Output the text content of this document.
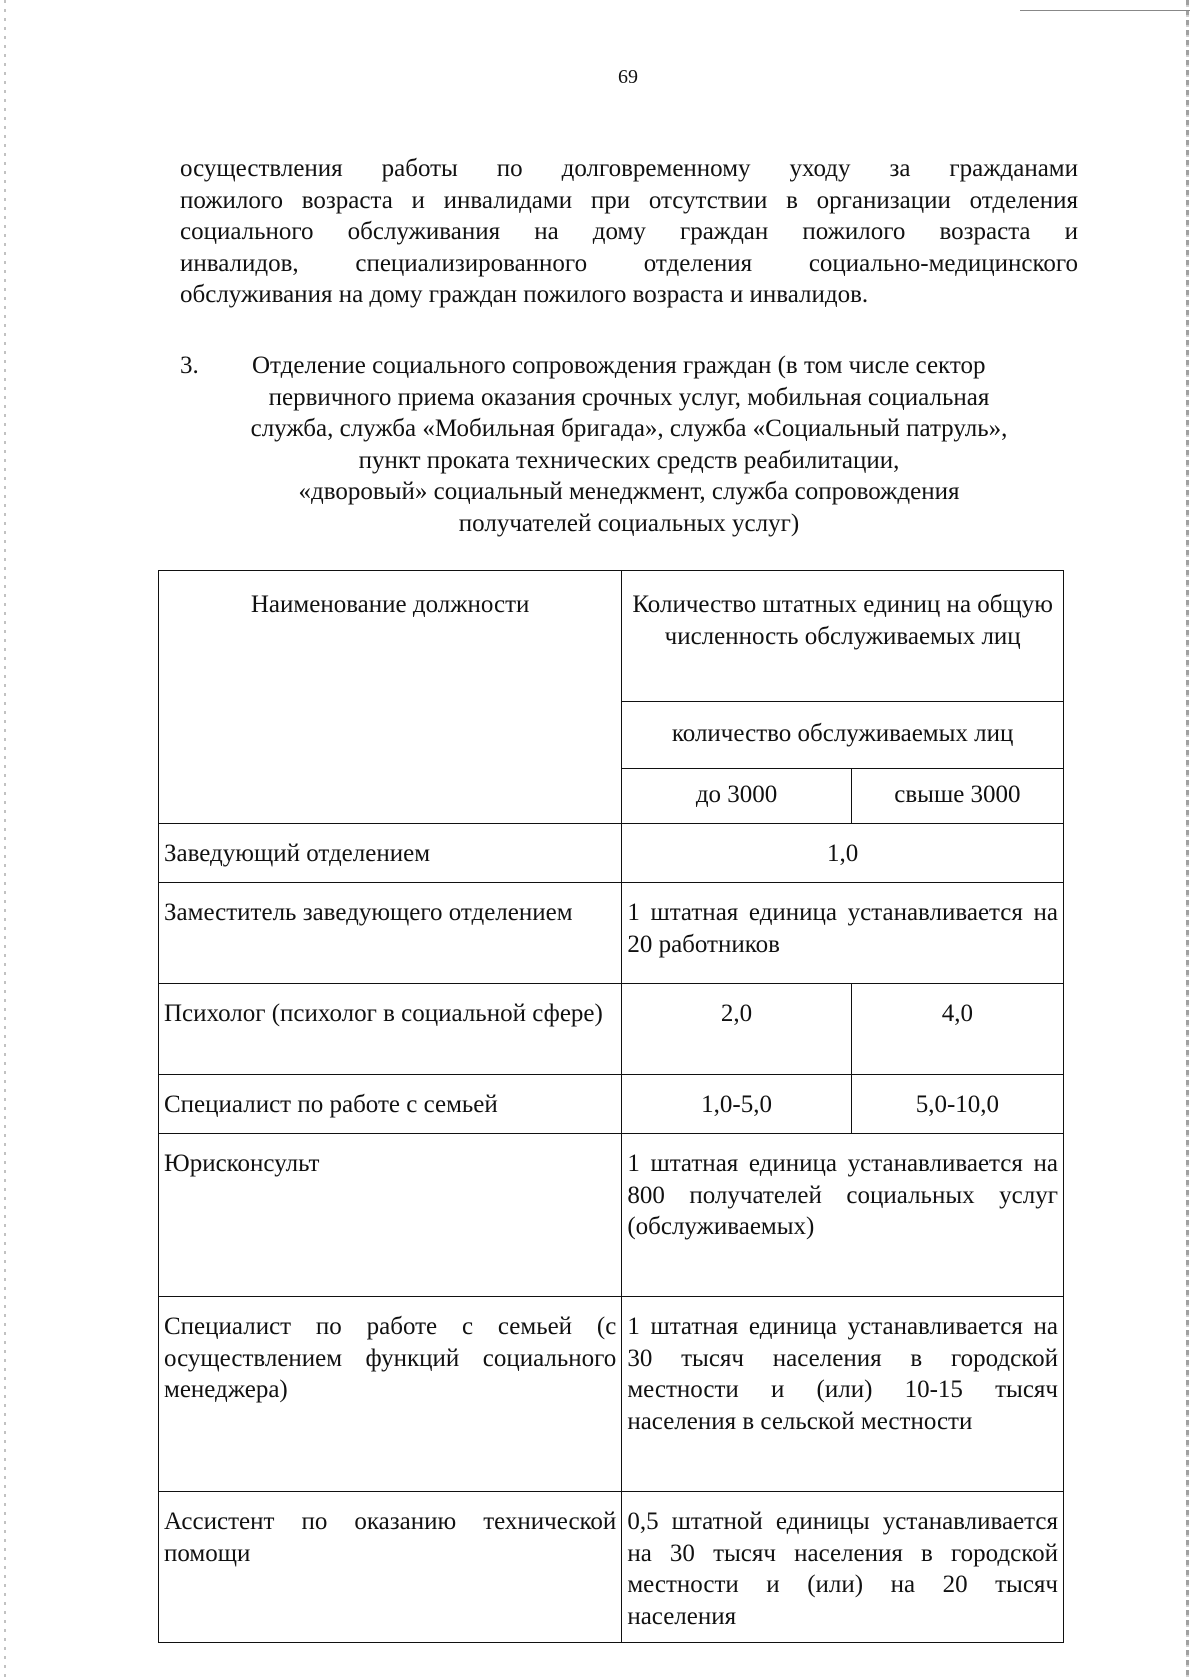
69
осуществления работы по долговременному уходу за гражданами
пожилого возраста и инвалидами при отсутствии в организации отделения
социального обслуживания на дому граждан пожилого возраста и
инвалидов, специализированного отделения социально-медицинского
обслуживания на дому граждан пожилого возраста и инвалидов.
3.	Отделение социального сопровождения граждан (в том числе сектор
первичного приема оказания срочных услуг, мобильная социальная
служба, служба «Мобильная бригада», служба «Социальный патруль»,
пункт проката технических средств реабилитации,
«дворовый» социальный менеджмент, служба сопровождения
получателей социальных услуг)
Наименование должности	Количество штатных единиц на общую численность обслуживаемых лиц	
	количество обслуживаемых лиц	
	до 3000	свыше 3000
Заведующий отделением	1,0	
Заместитель заведующего отделением	1 штатная единица устанавливается на 20 работников	
Психолог (психолог в социальной сфере)	2,0	4,0
Специалист по работе с семьей	1,0-5,0	5,0-10,0
Юрисконсульт	1 штатная единица устанавливается на 800 получателей социальных услуг (обслуживаемых)	
Специалист по работе с семьей (с осуществлением функций социального менеджера)	1 штатная единица устанавливается на 30 тысяч населения в городской местности и (или) 10-15 тысяч населения в сельской местности	
Ассистент по оказанию технической помощи	0,5 штатной единицы устанавливается на 30 тысяч населения в городской местности и (или) на 20 тысяч населения	
